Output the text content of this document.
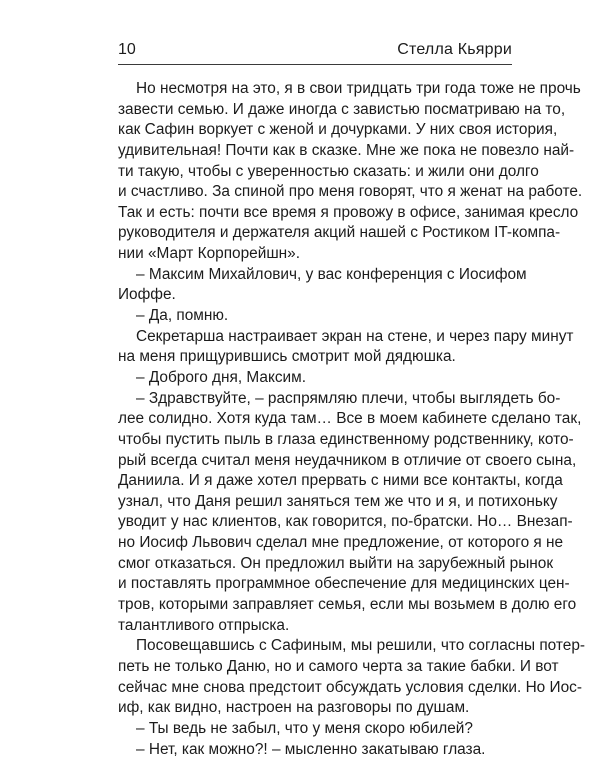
10	Стелла Кьярри
Но несмотря на это, я в свои тридцать три года тоже не прочь
завести семью. И даже иногда с завистью посматриваю на то,
как Сафин воркует с женой и дочурками. У них своя история,
удивительная! Почти как в сказке. Мне же пока не повезло най-
ти такую, чтобы с уверенностью сказать: и жили они долго
и счастливо. За спиной про меня говорят, что я женат на работе.
Так и есть: почти все время я провожу в офисе, занимая кресло
руководителя и держателя акций нашей с Ростиком IT-компа-
нии «Март Корпорейшн».
– Максим Михайлович, у вас конференция с Иосифом
Иоффе.
– Да, помню.
Секретарша настраивает экран на стене, и через пару минут
на меня прищурившись смотрит мой дядюшка.
– Доброго дня, Максим.
– Здравствуйте, – распрямляю плечи, чтобы выглядеть бо-
лее солидно. Хотя куда там… Все в моем кабинете сделано так,
чтобы пустить пыль в глаза единственному родственнику, кото-
рый всегда считал меня неудачником в отличие от своего сына,
Даниила. И я даже хотел прервать с ними все контакты, когда
узнал, что Даня решил заняться тем же что и я, и потихоньку
уводит у нас клиентов, как говорится, по-братски. Но… Внезап-
но Иосиф Львович сделал мне предложение, от которого я не
смог отказаться. Он предложил выйти на зарубежный рынок
и поставлять программное обеспечение для медицинских цен-
тров, которыми заправляет семья, если мы возьмем в долю его
талантливого отпрыска.
Посовещавшись с Сафиным, мы решили, что согласны потер-
петь не только Даню, но и самого черта за такие бабки. И вот
сейчас мне снова предстоит обсуждать условия сделки. Но Иос-
иф, как видно, настроен на разговоры по душам.
– Ты ведь не забыл, что у меня скоро юбилей?
– Нет, как можно?! – мысленно закатываю глаза.
